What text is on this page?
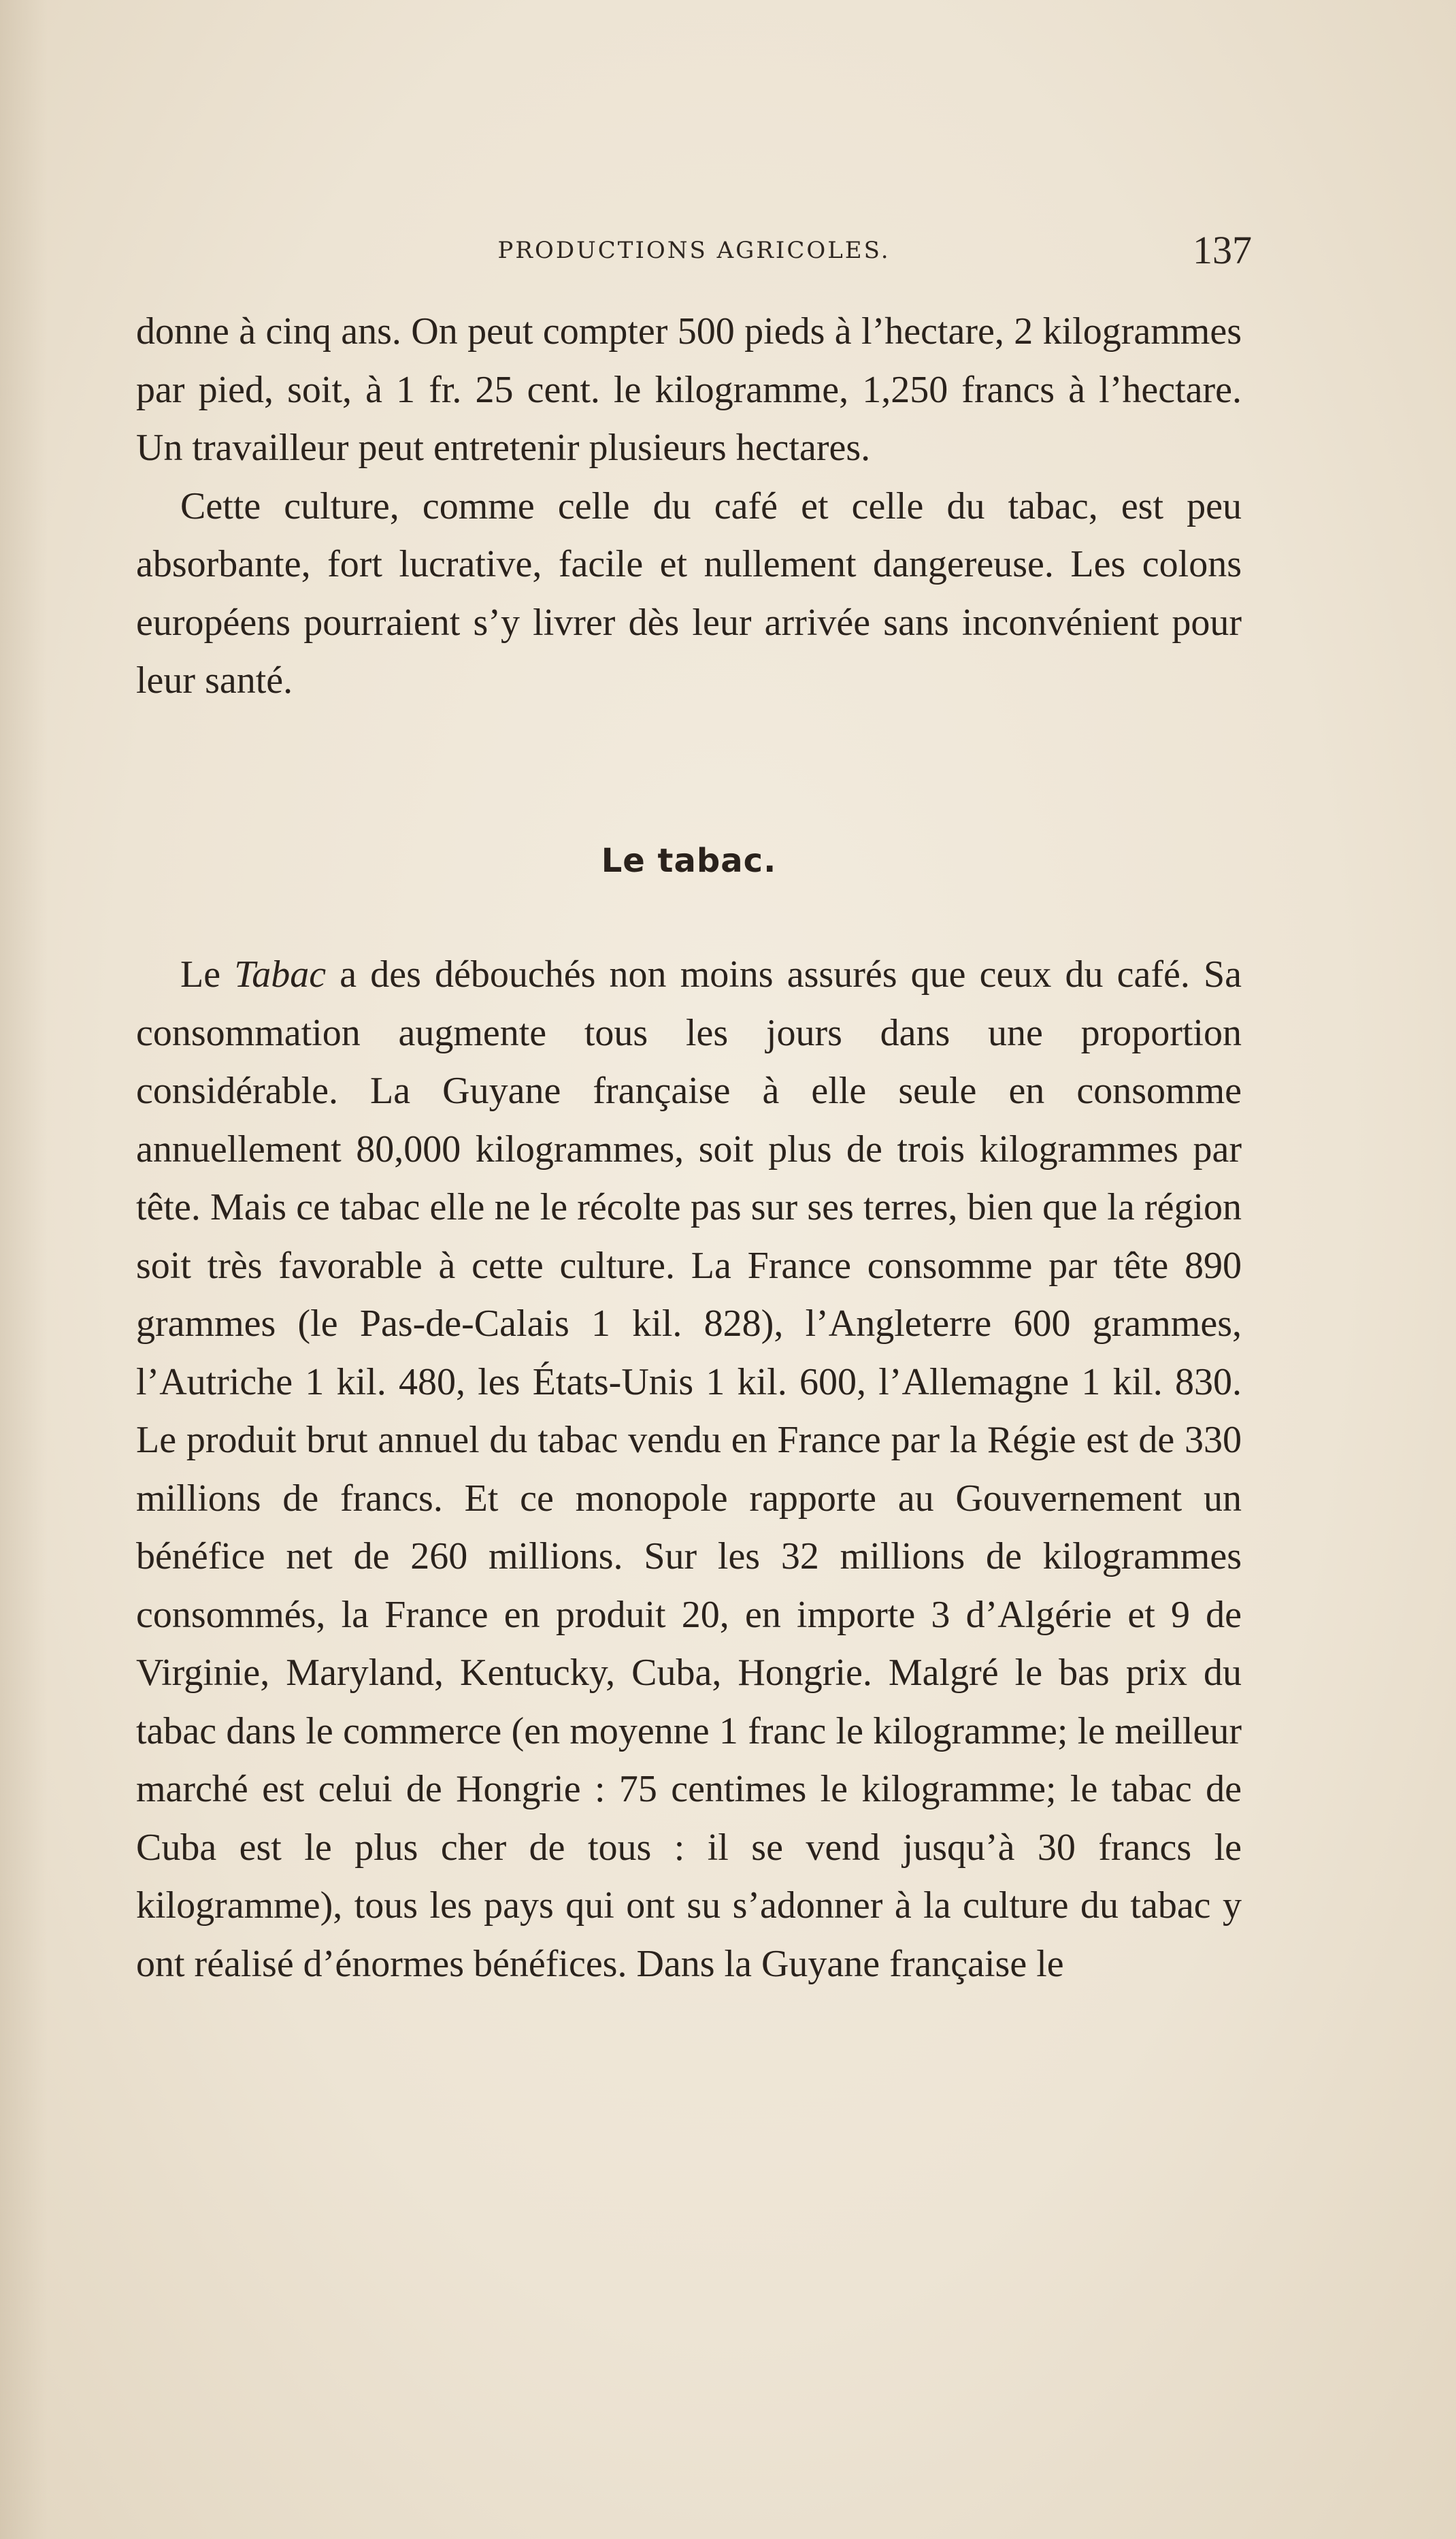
PRODUCTIONS AGRICOLES.	137

donne à cinq ans. On peut compter 500 pieds à l’hectare, 2 kilogrammes par pied, soit, à 1 fr. 25 cent. le kilogramme, 1,250 francs à l’hectare. Un travailleur peut entretenir plusieurs hectares.

Cette culture, comme celle du café et celle du tabac, est peu absorbante, fort lucrative, facile et nullement dangereuse. Les colons européens pourraient s’y livrer dès leur arrivée sans inconvénient pour leur santé.

Le tabac.

Le Tabac a des débouchés non moins assurés que ceux du café. Sa consommation augmente tous les jours dans une proportion considérable. La Guyane française à elle seule en consomme annuellement 80,000 kilogrammes, soit plus de trois kilogrammes par tête. Mais ce tabac elle ne le récolte pas sur ses terres, bien que la région soit très favorable à cette culture. La France consomme par tête 890 grammes (le Pas-de-Calais 1 kil. 828), l’Angleterre 600 grammes, l’Autriche 1 kil. 480, les États-Unis 1 kil. 600, l’Allemagne 1 kil. 830. Le produit brut annuel du tabac vendu en France par la Régie est de 330 millions de francs. Et ce monopole rapporte au Gouvernement un bénéfice net de 260 millions. Sur les 32 millions de kilogrammes consommés, la France en produit 20, en importe 3 d’Algérie et 9 de Virginie, Maryland, Kentucky, Cuba, Hongrie. Malgré le bas prix du tabac dans le commerce (en moyenne 1 franc le kilogramme; le meilleur marché est celui de Hongrie : 75 centimes le kilogramme; le tabac de Cuba est le plus cher de tous : il se vend jusqu’à 30 francs le kilogramme), tous les pays qui ont su s’adonner à la culture du tabac y ont réalisé d’énormes bénéfices. Dans la Guyane française le
